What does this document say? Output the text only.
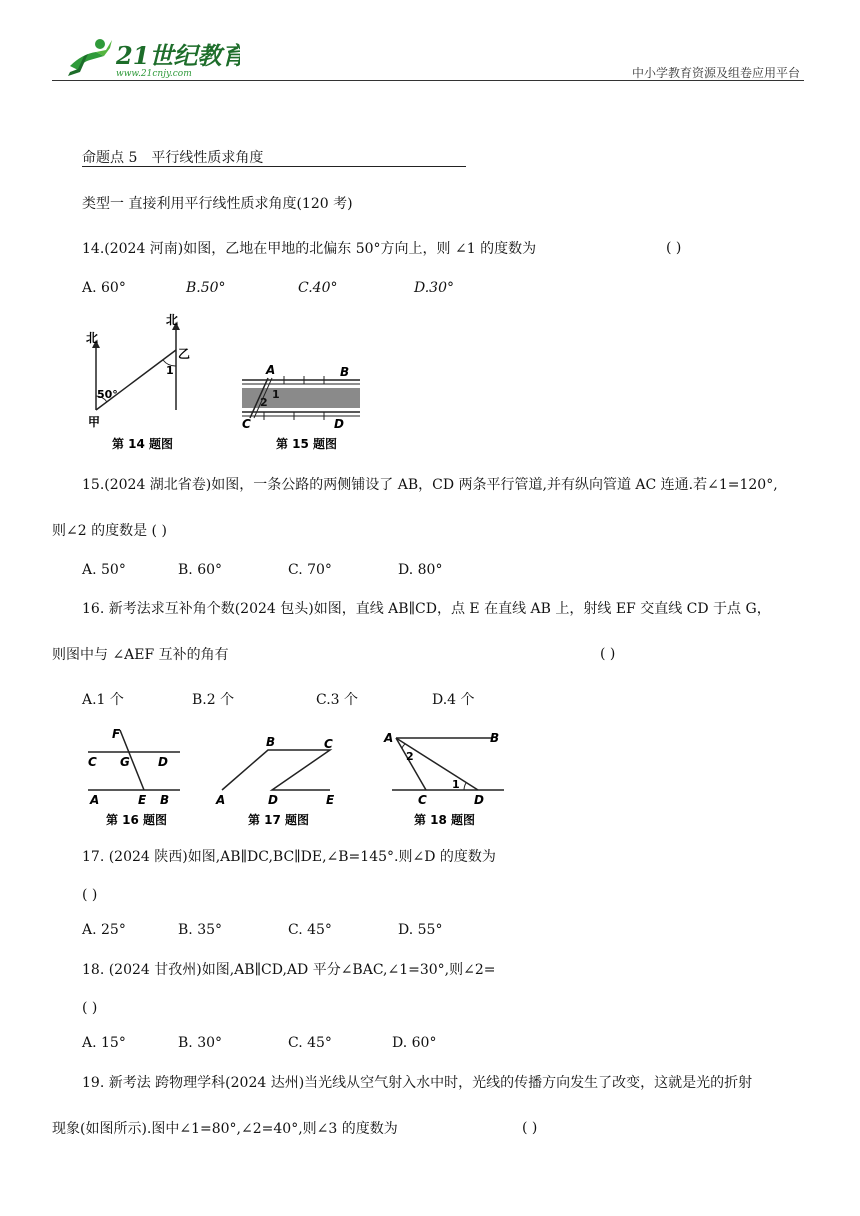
21世纪教育
www.21cnjy.com	中小学教育资源及组卷应用平台
命题点 5　平行线性质求角度
类型一 直接利用平行线性质求角度(120 考)
14.(2024 河南)如图，乙地在甲地的北偏东 50°方向上，则 ∠1 的度数为	( )
A. 60°	B.50°	C.40°	D.30°
北
北
乙
甲
50°
1
第 14 题图
A	B
C	D
1
2
第 15 题图
15.(2024 湖北省卷)如图，一条公路的两侧铺设了 AB，CD 两条平行管道,并有纵向管道 AC 连通.若∠1=120°,
则∠2 的度数是 ( )
A. 50°	B. 60°	C. 70°	D. 80°
16. 新考法求互补角个数(2024 包头)如图，直线 AB∥CD，点 E 在直线 AB 上，射线 EF 交直线 CD 于点 G，
则图中与 ∠AEF 互补的角有	( )
A.1 个	B.2 个	C.3 个	D.4 个
F
C G D
A	E B
第 16 题图
B	C
A	D	E
第 17 题图
A	B
2
1
C	D
第 18 题图
17. (2024 陕西)如图,AB∥DC,BC∥DE,∠B=145°.则∠D 的度数为
( )
A. 25°	B. 35°	C. 45°	D. 55°
18. (2024 甘孜州)如图,AB∥CD,AD 平分∠BAC,∠1=30°,则∠2=
( )
A. 15°	B. 30°	C. 45°	D. 60°
19. 新考法 跨物理学科(2024 达州)当光线从空气射入水中时，光线的传播方向发生了改变，这就是光的折射
现象(如图所示).图中∠1=80°,∠2=40°,则∠3 的度数为	( )
